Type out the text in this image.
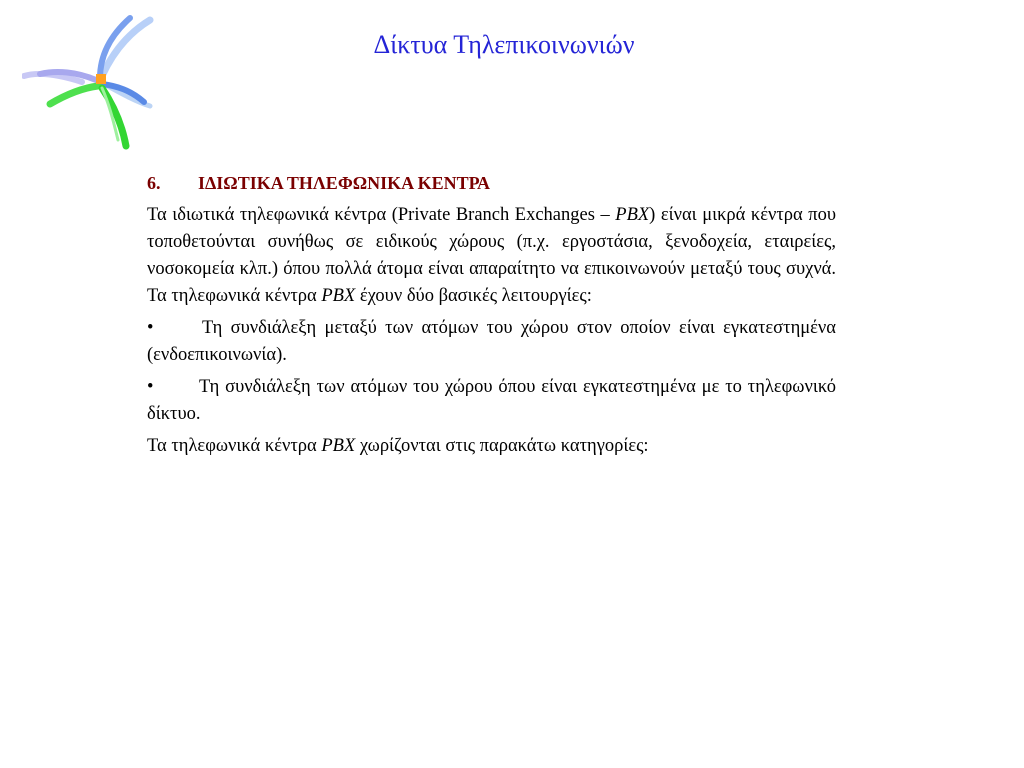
Δίκτυα Τηλεπικοινωνιών
6.	ΙΔΙΩΤΙΚΑ ΤΗΛΕΦΩΝΙΚΑ ΚΕΝΤΡΑ

Τα ιδιωτικά τηλεφωνικά κέντρα (Private Branch Exchanges – PBX) είναι μικρά κέντρα που τοποθετούνται συνήθως σε ειδικούς χώρους (π.χ. εργοστάσια, ξενοδοχεία, εταιρείες, νοσοκομεία κλπ.) όπου πολλά άτομα είναι απαραίτητο να επικοινωνούν μεταξύ τους συχνά. Τα τηλεφωνικά κέντρα PBX έχουν δύο βασικές λειτουργίες:

•	Τη συνδιάλεξη μεταξύ των ατόμων του χώρου στον οποίον είναι εγκατεστημένα (ενδοεπικοινωνία).

• Τη συνδιάλεξη των ατόμων του χώρου όπου είναι εγκατεστημένα με το τηλεφωνικό δίκτυο.

Τα τηλεφωνικά κέντρα PBX χωρίζονται στις παρακάτω κατηγορίες:
